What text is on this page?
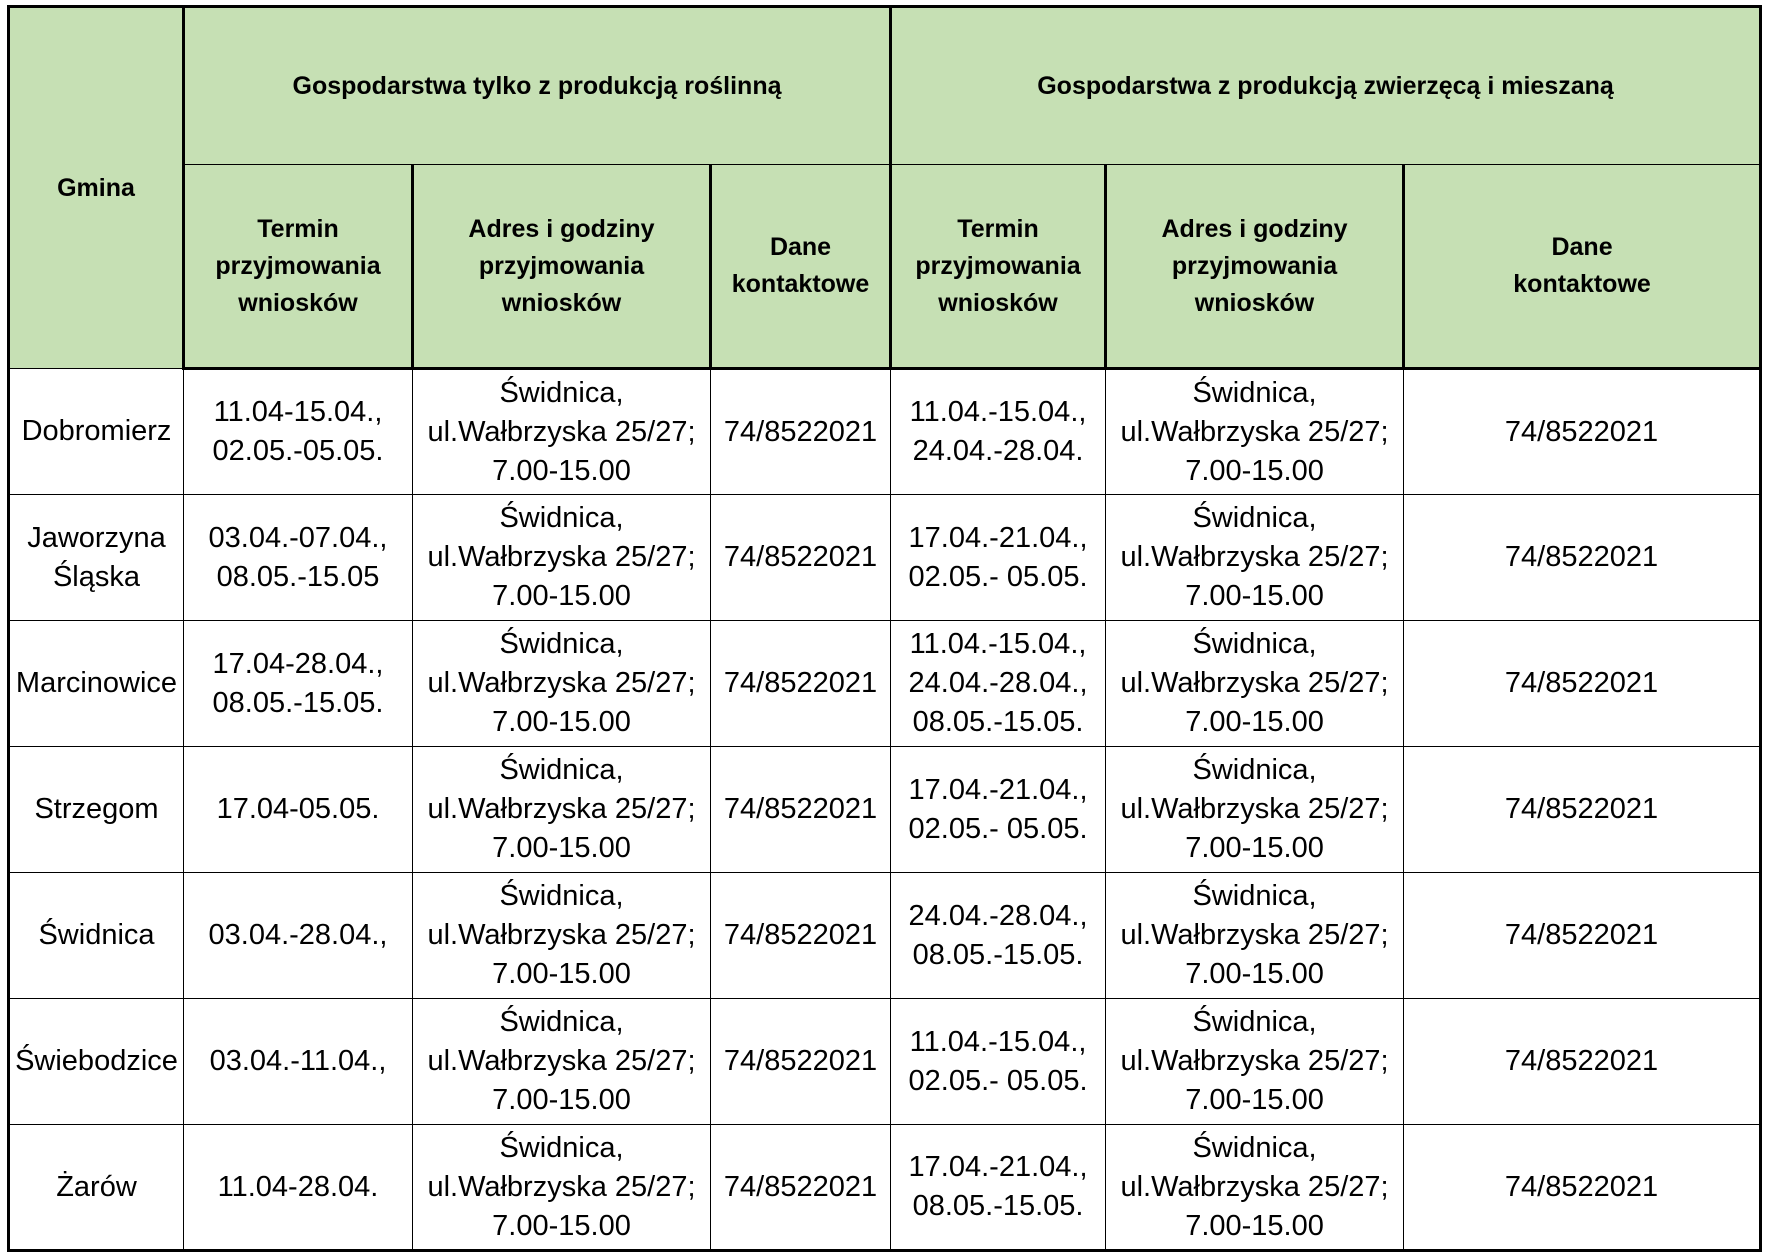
Gmina	Gospodarstwa tylko z produkcją roślinną			Gospodarstwa z produkcją zwierzęcą i mieszaną		

	Termin
przyjmowania
wniosków	Adres i godziny
przyjmowania
wniosków	Dane
kontaktowe	Termin
przyjmowania
wniosków	Adres i godziny
przyjmowania
wniosków	Dane
kontaktowe

Dobromierz	11.04-15.04.,
02.05.-05.05.	Świdnica,
ul.Wałbrzyska 25/27;
7.00-15.00	74/8522021	11.04.-15.04.,
24.04.-28.04.	Świdnica,
ul.Wałbrzyska 25/27;
7.00-15.00	74/8522021

Jaworzyna
Śląska	03.04.-07.04.,
08.05.-15.05	Świdnica,
ul.Wałbrzyska 25/27;
7.00-15.00	74/8522021	17.04.-21.04.,
02.05.- 05.05.	Świdnica,
ul.Wałbrzyska 25/27;
7.00-15.00	74/8522021

Marcinowice	17.04-28.04.,
08.05.-15.05.	Świdnica,
ul.Wałbrzyska 25/27;
7.00-15.00	74/8522021	11.04.-15.04.,
24.04.-28.04.,
08.05.-15.05.	Świdnica,
ul.Wałbrzyska 25/27;
7.00-15.00	74/8522021

Strzegom	17.04-05.05.	Świdnica,
ul.Wałbrzyska 25/27;
7.00-15.00	74/8522021	17.04.-21.04.,
02.05.- 05.05.	Świdnica,
ul.Wałbrzyska 25/27;
7.00-15.00	74/8522021

Świdnica	03.04.-28.04.,	Świdnica,
ul.Wałbrzyska 25/27;
7.00-15.00	74/8522021	24.04.-28.04.,
08.05.-15.05.	Świdnica,
ul.Wałbrzyska 25/27;
7.00-15.00	74/8522021

Świebodzice	03.04.-11.04.,	Świdnica,
ul.Wałbrzyska 25/27;
7.00-15.00	74/8522021	11.04.-15.04.,
02.05.- 05.05.	Świdnica,
ul.Wałbrzyska 25/27;
7.00-15.00	74/8522021

Żarów	11.04-28.04.	Świdnica,
ul.Wałbrzyska 25/27;
7.00-15.00	74/8522021	17.04.-21.04.,
08.05.-15.05.	Świdnica,
ul.Wałbrzyska 25/27;
7.00-15.00	74/8522021
